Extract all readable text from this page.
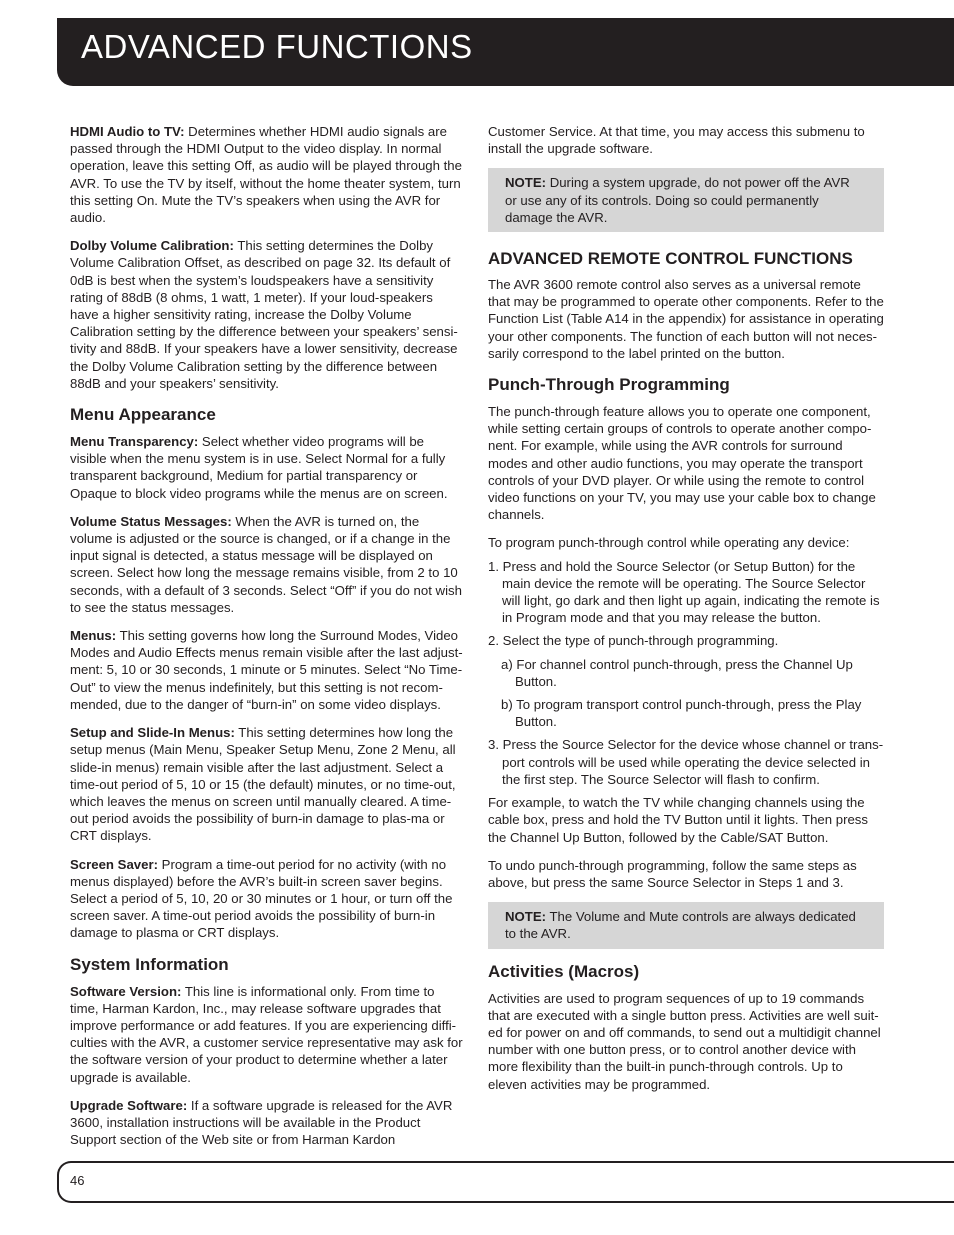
ADVANCED FUNCTIONS

HDMI Audio to TV: Determines whether HDMI audio signals are passed through the HDMI Output to the video display. In normal operation, leave this setting Off, as audio will be played through the AVR. To use the TV by itself, without the home theater system, turn this setting On. Mute the TV’s speakers when using the AVR for audio.

Dolby Volume Calibration: This setting determines the Dolby Volume Calibration Offset, as described on page 32. Its default of 0dB is best when the system’s loudspeakers have a sensitivity rating of 88dB (8 ohms, 1 watt, 1 meter). If your loud-speakers have a higher sensitivity rating, increase the Dolby Volume Calibration setting by the difference between your speakers’ sensi-tivity and 88dB. If your speakers have a lower sensitivity, decrease the Dolby Volume Calibration setting by the difference between 88dB and your speakers’ sensitivity.

Menu Appearance

Menu Transparency: Select whether video programs will be visible when the menu system is in use. Select Normal for a fully transparent background, Medium for partial transparency or Opaque to block video programs while the menus are on screen.

Volume Status Messages: When the AVR is turned on, the volume is adjusted or the source is changed, or if a change in the input signal is detected, a status message will be displayed on screen. Select how long the message remains visible, from 2 to 10 seconds, with a default of 3 seconds. Select “Off” if you do not wish to see the status messages.

Menus: This setting governs how long the Surround Modes, Video Modes and Audio Effects menus remain visible after the last adjust-ment: 5, 10 or 30 seconds, 1 minute or 5 minutes. Select “No Time-Out” to view the menus indefinitely, but this setting is not recom-mended, due to the danger of “burn-in” on some video displays.

Setup and Slide-In Menus: This setting determines how long the setup menus (Main Menu, Speaker Setup Menu, Zone 2 Menu, all slide-in menus) remain visible after the last adjustment. Select a time-out period of 5, 10 or 15 (the default) minutes, or no time-out, which leaves the menus on screen until manually cleared. A time-out period avoids the possibility of burn-in damage to plas-ma or CRT displays.

Screen Saver: Program a time-out period for no activity (with no menus displayed) before the AVR’s built-in screen saver begins. Select a period of 5, 10, 20 or 30 minutes or 1 hour, or turn off the screen saver. A time-out period avoids the possibility of burn-in damage to plasma or CRT displays.

System Information

Software Version: This line is informational only. From time to time, Harman Kardon, Inc., may release software upgrades that improve performance or add features. If you are experiencing diffi-culties with the AVR, a customer service representative may ask for the software version of your product to determine whether a later upgrade is available.

Upgrade Software: If a software upgrade is released for the AVR 3600, installation instructions will be available in the Product Support section of the Web site or from Harman Kardon

Customer Service. At that time, you may access this submenu to install the upgrade software.

NOTE: During a system upgrade, do not power off the AVR or use any of its controls. Doing so could permanently damage the AVR.
ADVANCED REMOTE CONTROL FUNCTIONS

The AVR 3600 remote control also serves as a universal remote that may be programmed to operate other components. Refer to the Function List (Table A14 in the appendix) for assistance in operating your other components. The function of each button will not neces-sarily correspond to the label printed on the button.

Punch-Through Programming

The punch-through feature allows you to operate one component, while setting certain groups of controls to operate another compo-nent. For example, while using the AVR controls for surround modes and other audio functions, you may operate the transport controls of your DVD player. Or while using the remote to control video functions on your TV, you may use your cable box to change channels.

To program punch-through control while operating any device:

1. Press and hold the Source Selector (or Setup Button) for the main device the remote will be operating. The Source Selector will light, go dark and then light up again, indicating the remote is in Program mode and that you may release the button.
2. Select the type of punch-through programming.
a) For channel control punch-through, press the Channel Up Button.
b) To program transport control punch-through, press the Play Button.
3. Press the Source Selector for the device whose channel or trans-port controls will be used while operating the device selected in the first step. The Source Selector will flash to confirm.

For example, to watch the TV while changing channels using the cable box, press and hold the TV Button until it lights. Then press the Channel Up Button, followed by the Cable/SAT Button.

To undo punch-through programming, follow the same steps as above, but press the same Source Selector in Steps 1 and 3.

NOTE: The Volume and Mute controls are always dedicated to the AVR.
Activities (Macros)

Activities are used to program sequences of up to 19 commands that are executed with a single button press. Activities are well suit-ed for power on and off commands, to send out a multidigit channel number with one button press, or to control another device with more flexibility than the built-in punch-through controls. Up to eleven activities may be programmed.

46
